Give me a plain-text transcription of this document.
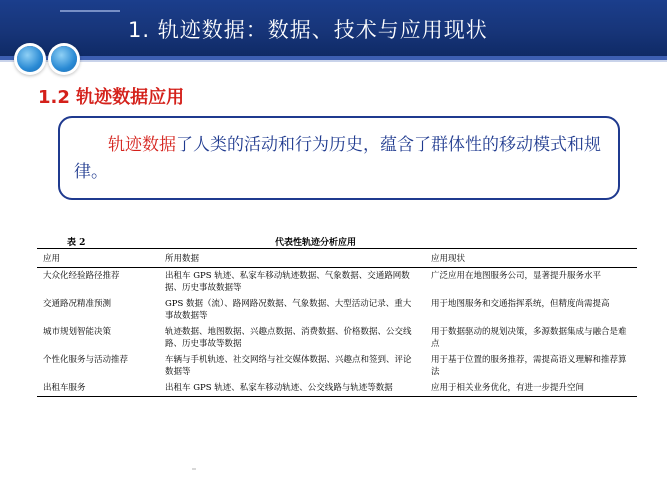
1. 轨迹数据：数据、技术与应用现状
1.2 轨迹数据应用
轨迹数据了人类的活动和行为历史，蕴含了群体性的移动模式和规律。
表 2	代表性轨迹分析应用
应用	所用数据	应用现状
大众化经验路径推荐	出租车 GPS 轨迹、私家车移动轨迹数据、气象数据、交通路网数据、历史事故数据等	广泛应用在地图服务公司，显著提升服务水平
交通路况精准预测	GPS 数据（流）、路网路况数据、气象数据、大型活动记录、重大事故数据等	用于地图服务和交通指挥系统，但精度尚需提高
城市规划智能决策	轨迹数据、地图数据、兴趣点数据、消费数据、价格数据、公交线路、历史事故等数据	用于数据驱动的规划决策，多源数据集成与融合是难点
个性化服务与活动推荐	车辆与手机轨迹、社交网络与社交媒体数据、兴趣点和签到、评论数据等	用于基于位置的服务推荐，需提高语义理解和推荐算法
出租车服务	出租车 GPS 轨迹、私家车移动轨迹、公交线路与轨迹等数据	应用于相关业务优化，有进一步提升空间
